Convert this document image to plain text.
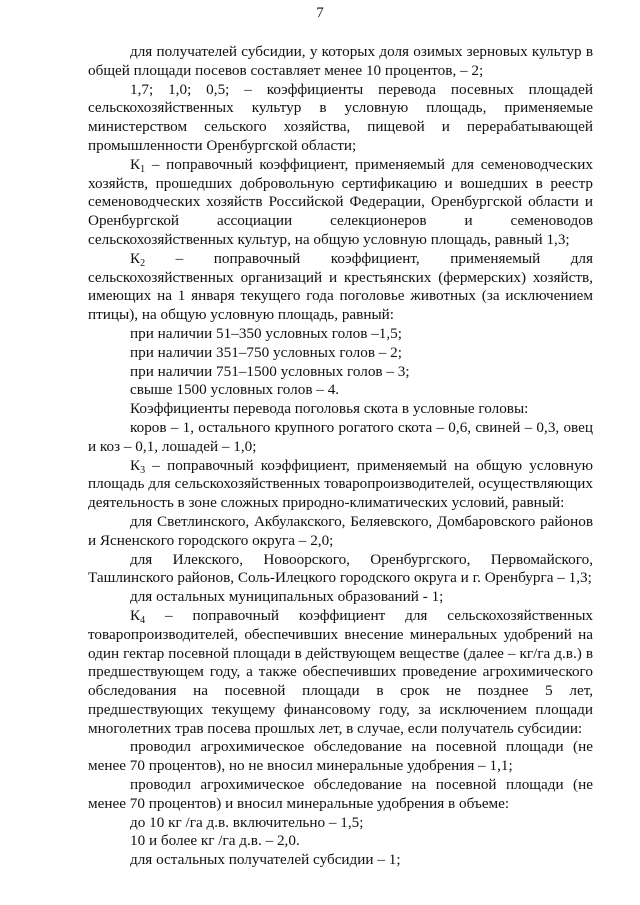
7

для получателей субсидии, у которых доля озимых зерновых культур в общей площади посевов составляет менее 10 процентов, – 2;

1,7; 1,0; 0,5; – коэффициенты перевода посевных площадей сельскохозяйственных культур в условную площадь, применяемые министерством сельского хозяйства, пищевой и перерабатывающей промышленности Оренбургской области;

$К_1$ – поправочный коэффициент, применяемый для семеноводческих хозяйств, прошедших добровольную сертификацию и вошедших в реестр семеноводческих хозяйств Российской Федерации, Оренбургской области и Оренбургской ассоциации селекционеров и семеноводов сельскохозяйственных культур, на общую условную площадь, равный 1,3;

$К_2$ – поправочный коэффициент, применяемый для сельскохозяйственных организаций и крестьянских (фермерских) хозяйств, имеющих на 1 января текущего года поголовье животных (за исключением птицы), на общую условную площадь, равный:

при наличии 51–350 условных голов –1,5;

при наличии 351–750 условных голов – 2;

при наличии 751–1500 условных голов – 3;

свыше 1500 условных голов – 4.

Коэффициенты перевода поголовья скота в условные головы:

коров – 1, остального крупного рогатого скота – 0,6, свиней – 0,3, овец и коз – 0,1, лошадей – 1,0;

$К_3$ – поправочный коэффициент, применяемый на общую условную площадь для сельскохозяйственных товаропроизводителей, осуществляющих деятельность в зоне сложных природно-климатических условий, равный:

для Светлинского, Акбулакского, Беляевского, Домбаровского районов и Ясненского городского округа – 2,0;

для Илекского, Новоорского, Оренбургского, Первомайского, Ташлинского районов, Соль-Илецкого городского округа и г. Оренбурга – 1,3;

для остальных муниципальных образований - 1;

$К_4$ – поправочный коэффициент для сельскохозяйственных товаропроизводителей, обеспечивших внесение минеральных удобрений на один гектар посевной площади в действующем веществе (далее – кг/га д.в.) в предшествующем году, а также обеспечивших проведение агрохимического обследования на посевной площади в срок не позднее 5 лет, предшествующих текущему финансовому году, за исключением площади многолетних трав посева прошлых лет, в случае, если получатель субсидии:

проводил агрохимическое обследование на посевной площади (не менее 70 процентов), но не вносил минеральные удобрения – 1,1;

проводил агрохимическое обследование на посевной площади (не менее 70 процентов) и вносил минеральные удобрения в объеме:

до 10 кг /га д.в. включительно – 1,5;

10 и более кг /га д.в. – 2,0.

для остальных получателей субсидии – 1;
